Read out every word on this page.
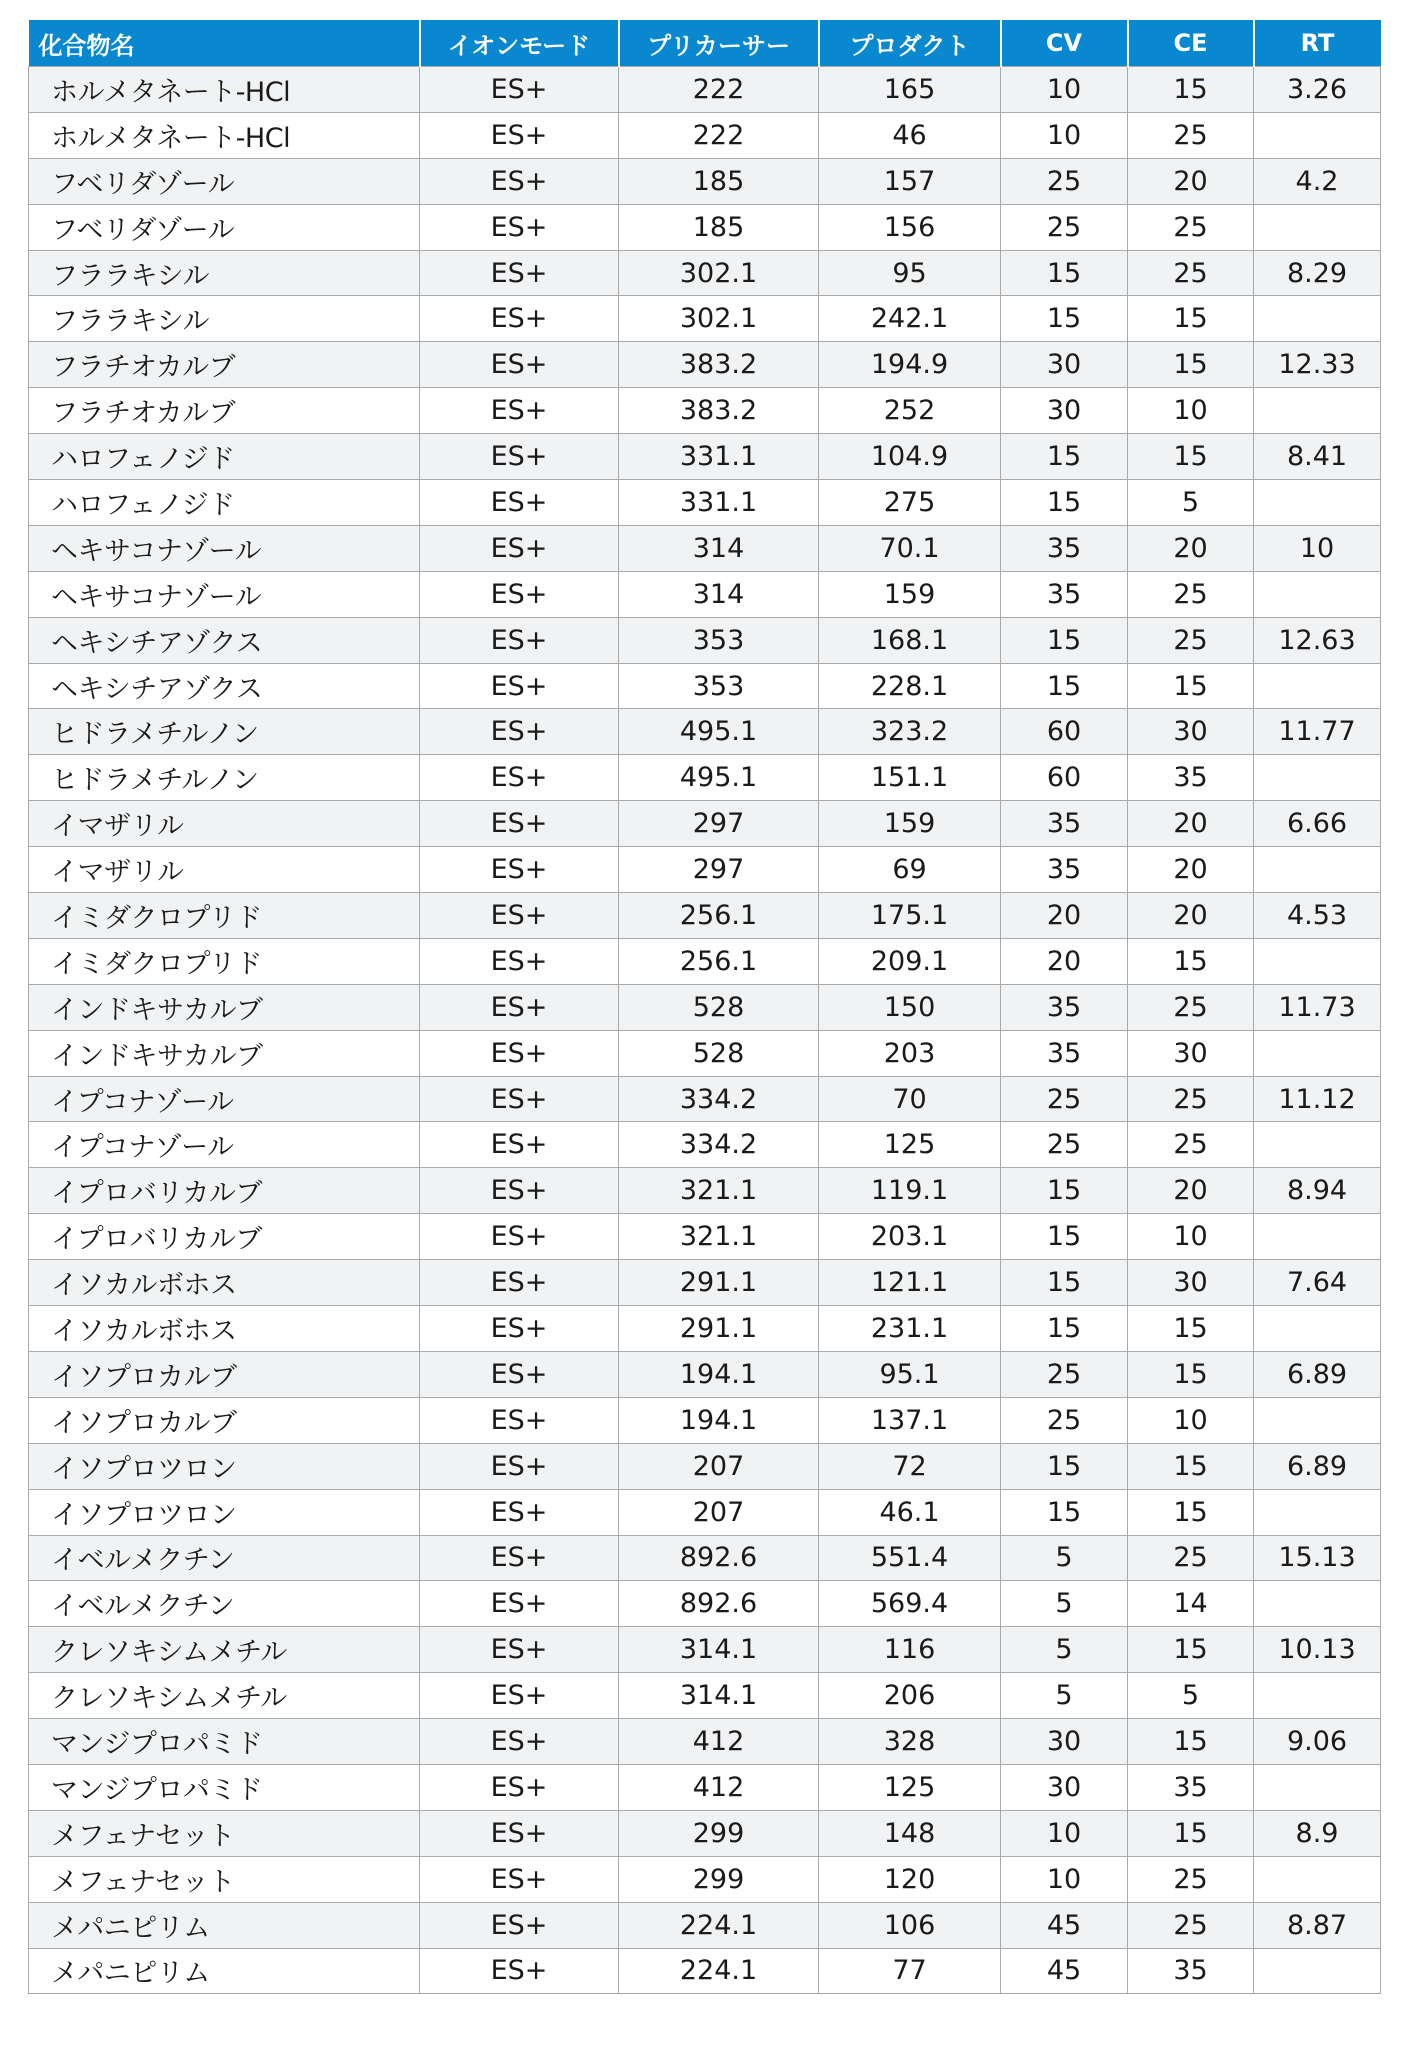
化合物名	イオンモード	プリカーサー	プロダクト	CV	CE	RT
ホルメタネート-HCl	ES+	222	165	10	15	3.26
ホルメタネート-HCl	ES+	222	46	10	25	
フベリダゾール	ES+	185	157	25	20	4.2
フベリダゾール	ES+	185	156	25	25	
フララキシル	ES+	302.1	95	15	25	8.29
フララキシル	ES+	302.1	242.1	15	15	
フラチオカルブ	ES+	383.2	194.9	30	15	12.33
フラチオカルブ	ES+	383.2	252	30	10	
ハロフェノジド	ES+	331.1	104.9	15	15	8.41
ハロフェノジド	ES+	331.1	275	15	5	
ヘキサコナゾール	ES+	314	70.1	35	20	10
ヘキサコナゾール	ES+	314	159	35	25	
ヘキシチアゾクス	ES+	353	168.1	15	25	12.63
ヘキシチアゾクス	ES+	353	228.1	15	15	
ヒドラメチルノン	ES+	495.1	323.2	60	30	11.77
ヒドラメチルノン	ES+	495.1	151.1	60	35	
イマザリル	ES+	297	159	35	20	6.66
イマザリル	ES+	297	69	35	20	
イミダクロプリド	ES+	256.1	175.1	20	20	4.53
イミダクロプリド	ES+	256.1	209.1	20	15	
インドキサカルブ	ES+	528	150	35	25	11.73
インドキサカルブ	ES+	528	203	35	30	
イプコナゾール	ES+	334.2	70	25	25	11.12
イプコナゾール	ES+	334.2	125	25	25	
イプロバリカルブ	ES+	321.1	119.1	15	20	8.94
イプロバリカルブ	ES+	321.1	203.1	15	10	
イソカルボホス	ES+	291.1	121.1	15	30	7.64
イソカルボホス	ES+	291.1	231.1	15	15	
イソプロカルブ	ES+	194.1	95.1	25	15	6.89
イソプロカルブ	ES+	194.1	137.1	25	10	
イソプロツロン	ES+	207	72	15	15	6.89
イソプロツロン	ES+	207	46.1	15	15	
イベルメクチン	ES+	892.6	551.4	5	25	15.13
イベルメクチン	ES+	892.6	569.4	5	14	
クレソキシムメチル	ES+	314.1	116	5	15	10.13
クレソキシムメチル	ES+	314.1	206	5	5	
マンジプロパミド	ES+	412	328	30	15	9.06
マンジプロパミド	ES+	412	125	30	35	
メフェナセット	ES+	299	148	10	15	8.9
メフェナセット	ES+	299	120	10	25	
メパニピリム	ES+	224.1	106	45	25	8.87
メパニピリム	ES+	224.1	77	45	35	
